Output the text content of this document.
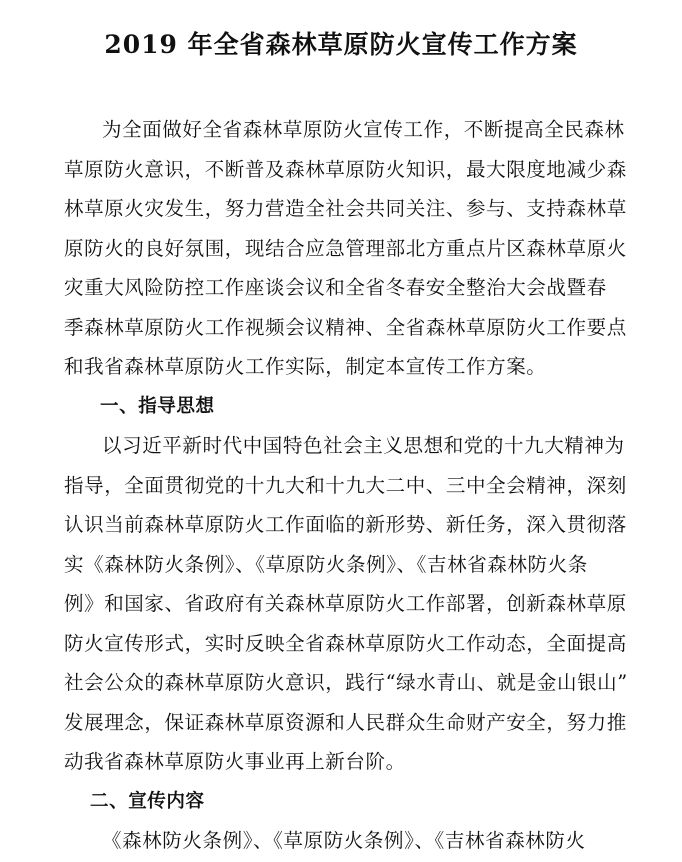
2019 年全省森林草原防火宣传工作方案
为全面做好全省森林草原防火宣传工作，不断提高全民森林
草原防火意识，不断普及森林草原防火知识，最大限度地减少森
林草原火灾发生，努力营造全社会共同关注、参与、支持森林草
原防火的良好氛围，现结合应急管理部北方重点片区森林草原火
灾重大风险防控工作座谈会议和全省冬春安全整治大会战暨春
季森林草原防火工作视频会议精神、全省森林草原防火工作要点
和我省森林草原防火工作实际，制定本宣传工作方案。
一、指导思想
以习近平新时代中国特色社会主义思想和党的十九大精神为
指导，全面贯彻党的十九大和十九大二中、三中全会精神，深刻
认识当前森林草原防火工作面临的新形势、新任务，深入贯彻落
实《森林防火条例》、《草原防火条例》、《吉林省森林防火条
例》和国家、省政府有关森林草原防火工作部署，创新森林草原
防火宣传形式，实时反映全省森林草原防火工作动态，全面提高
社会公众的森林草原防火意识，践行“绿水青山、就是金山银山”
发展理念，保证森林草原资源和人民群众生命财产安全，努力推
动我省森林草原防火事业再上新台阶。
二、宣传内容
《森林防火条例》、《草原防火条例》、《吉林省森林防火
